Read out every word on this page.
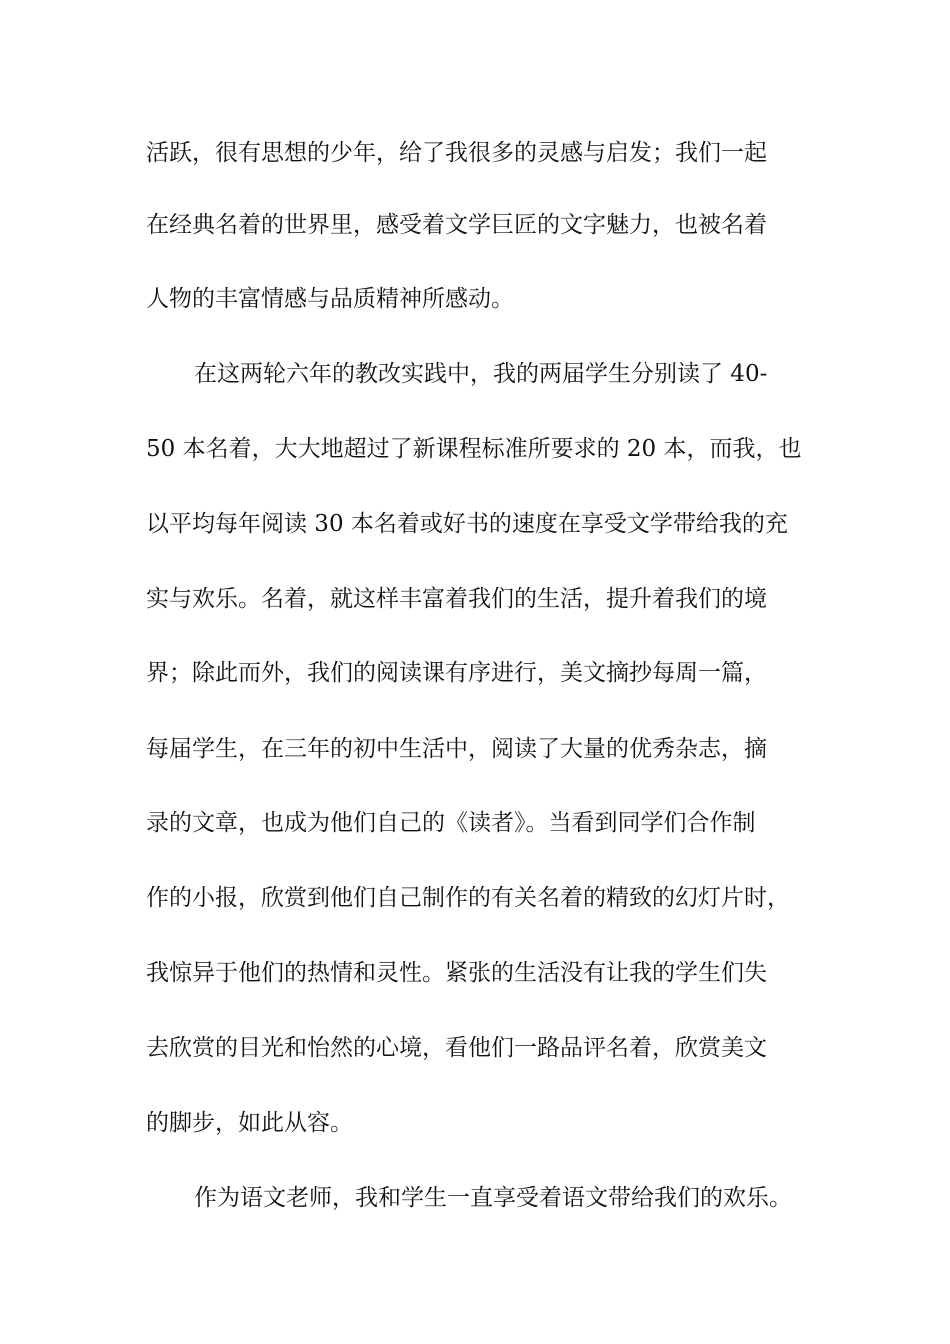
活跃，很有思想的少年，给了我很多的灵感与启发；我们一起
在经典名着的世界里，感受着文学巨匠的文字魅力，也被名着
人物的丰富情感与品质精神所感动。
在这两轮六年的教改实践中，我的两届学生分别读了 40-
50 本名着，大大地超过了新课程标准所要求的 20 本，而我，也
以平均每年阅读 30 本名着或好书的速度在享受文学带给我的充
实与欢乐。名着，就这样丰富着我们的生活，提升着我们的境
界；除此而外，我们的阅读课有序进行，美文摘抄每周一篇，
每届学生，在三年的初中生活中，阅读了大量的优秀杂志，摘
录的文章，也成为他们自己的《读者》。当看到同学们合作制
作的小报，欣赏到他们自己制作的有关名着的精致的幻灯片时，
我惊异于他们的热情和灵性。紧张的生活没有让我的学生们失
去欣赏的目光和怡然的心境，看他们一路品评名着，欣赏美文
的脚步，如此从容。
作为语文老师，我和学生一直享受着语文带给我们的欢乐。
